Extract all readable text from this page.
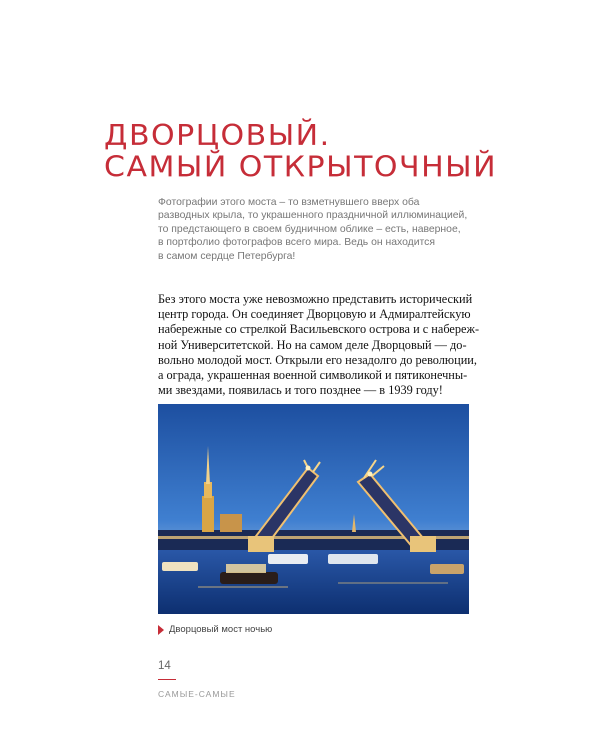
ДВОРЦОВЫЙ.
САМЫЙ ОТКРЫТОЧНЫЙ
Фотографии этого моста – то взметнувшего вверх оба
разводных крыла, то украшенного праздничной иллюминацией,
то предстающего в своем будничном облике – есть, наверное,
в портфолио фотографов всего мира. Ведь он находится
в самом сердце Петербурга!
Без этого моста уже невозможно представить исторический
центр города. Он соединяет Дворцовую и Адмиралтейскую
набережные со стрелкой Васильевского острова и с набереж-
ной Университетской. Но на самом деле Дворцовый — до-
вольно молодой мост. Открыли его незадолго до революции,
а ограда, украшенная военной символикой и пятиконечны-
ми звездами, появилась и того позднее — в 1939 году!
Дворцовый мост ночью
14
САМЫЕ-САМЫЕ
